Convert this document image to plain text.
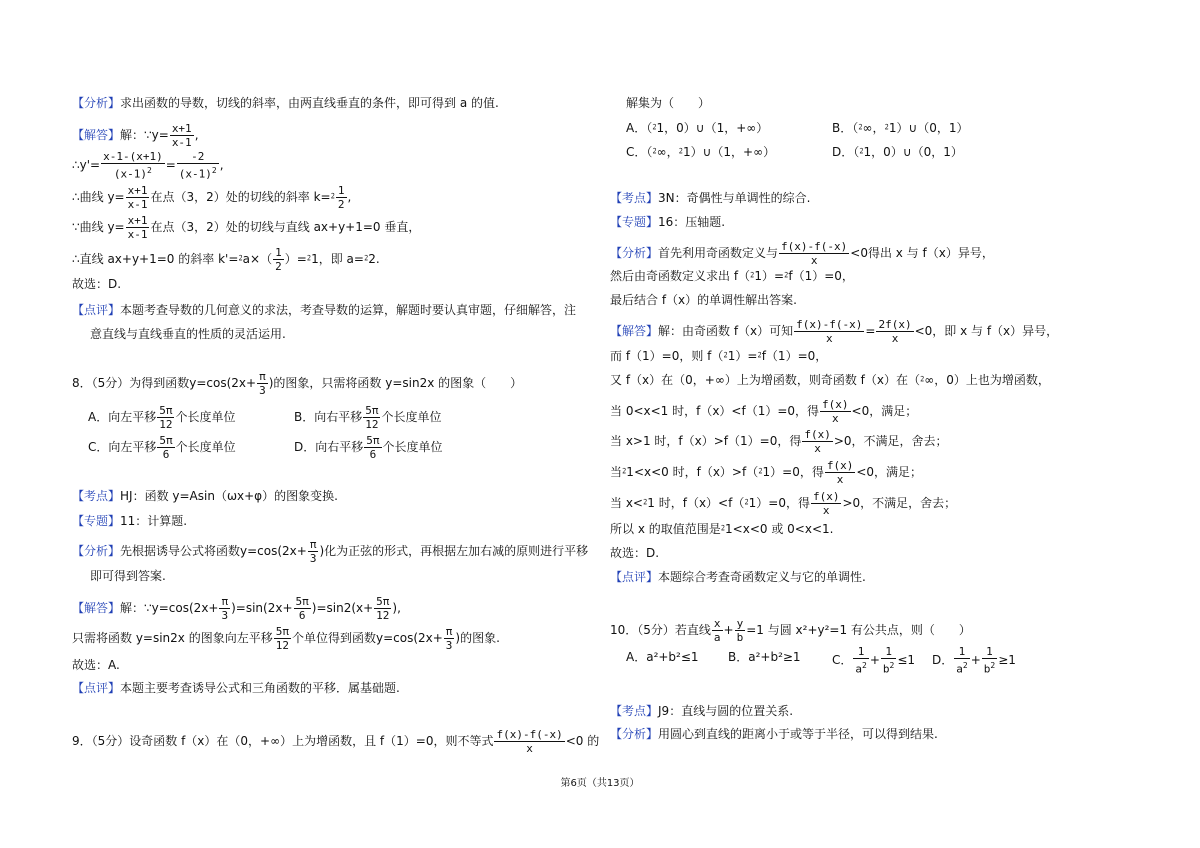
【分析】求出函数的导数，切线的斜率，由两直线垂直的条件，即可得到 a 的值.
【解答】解：∵y= $\frac{x+1}{x-1}$ ,
∴y'= $\frac{x-1-(x+1)}{(x-1)^2} = \frac{-2}{(x-1)^2}$ ,
∴曲线 $y= \frac{x+1}{x-1}$ 在点（3，2）处的切线的斜率 k=⁲ $\frac{1}{2}$ ,
∵曲线 $y= \frac{x+1}{x-1}$ 在点（3，2）处的切线与直线 ax+y+1=0 垂直，
∴直线 ax+y+1=0 的斜率 k'=⁲a×（ $\frac{1}{2}$ ）=⁲1，即 a=⁲2.
故选：D.
【点评】本题考查导数的几何意义的求法，考查导数的运算，解题时要认真审题，仔细解答，注
意直线与直线垂直的性质的灵活运用.
8．（5分）为得到函数$y=\cos(2x+ \frac{\pi}{3}$ )的图象，只需将函数 y=sin2x 的图象（　　）
A．向左平移 $\frac{5\pi}{12}$ 个长度单位	B．向右平移 $\frac{5\pi}{12}$ 个长度单位
C．向左平移 $\frac{5\pi}{6}$ 个长度单位	D．向右平移 $\frac{5\pi}{6}$ 个长度单位
【考点】HJ：函数 y=Asin（ωx+φ）的图象变换.
【专题】11：计算题.
【分析】先根据诱导公式将函数$y=\cos(2x+ \frac{\pi}{3}$ )化为正弦的形式，再根据左加右减的原则进行平移
即可得到答案.
【解答】解：∵y=cos(2x+ $\frac{\pi}{3} )=\sin(2x+ \frac{5\pi}{6} )=\sin 2(x+ \frac{5\pi}{12}$ ),
只需将函数 y=sin2x 的图象向左平移 $\frac{5\pi}{12}$ 个单位得到函数$y=\cos(2x+ \frac{\pi}{3}$ )的图象.
故选：A.
【点评】本题主要考查诱导公式和三角函数的平移．属基础题.
9．（5分）设奇函数 f（x）在（0，+∞）上为增函数，且 f（1）=0，则不等式 $\frac{f(x)-f(-x)}{x} <0$ 的
解集为（　　）
A．（⁲1，0）∪（1，+∞）	B．（⁲∞，⁲1）∪（0，1）
C．（⁲∞，⁲1）∪（1，+∞）	D．（⁲1，0）∪（0，1）
【考点】3N：奇偶性与单调性的综合.
【专题】16：压轴题.
【分析】首先利用奇函数定义与 $\frac{f(x)-f(-x)}{x} <0$得出 x 与 f（x）异号，
然后由奇函数定义求出 f（⁲1）=⁲f（1）=0，
最后结合 f（x）的单调性解出答案.
【解答】解：由奇函数 f（x）可知 $\frac{f(x)-f(-x)}{x} = \frac{2f(x)}{x} <0$，即 x 与 f（x）异号，
而 f（1）=0，则 f（⁲1）=⁲f（1）=0，
又 f（x）在（0，+∞）上为增函数，则奇函数 f（x）在（⁲∞，0）上也为增函数，
当 0<x<1 时，f（x）<f（1）=0，得 $\frac{f(x)}{x} <0$，满足；
当 x>1 时，f（x）>f（1）=0，得 $\frac{f(x)}{x} >0$，不满足，舍去；
当⁲1<x<0 时，f（x）>f（⁲1）=0，得 $\frac{f(x)}{x} <0$，满足；
当 x<⁲1 时，f（x）<f（⁲1）=0，得 $\frac{f(x)}{x} >0$，不满足，舍去；
所以 x 的取值范围是⁲1<x<0 或 0<x<1.
故选：D.
【点评】本题综合考查奇函数定义与它的单调性.
10．（5分）若直线 $\frac{x}{a} + \frac{y}{b} =1$ 与圆 x²+y²=1 有公共点，则（　　）
A．a²+b²≤1 B．a²+b²≥1	C． $\frac{1}{a^2} + \frac{1}{b^2} \le 1$ D． $\frac{1}{a^2} + \frac{1}{b^2} \ge 1$
【考点】J9：直线与圆的位置关系.
【分析】用圆心到直线的距离小于或等于半径，可以得到结果.
第6页（共13页）
